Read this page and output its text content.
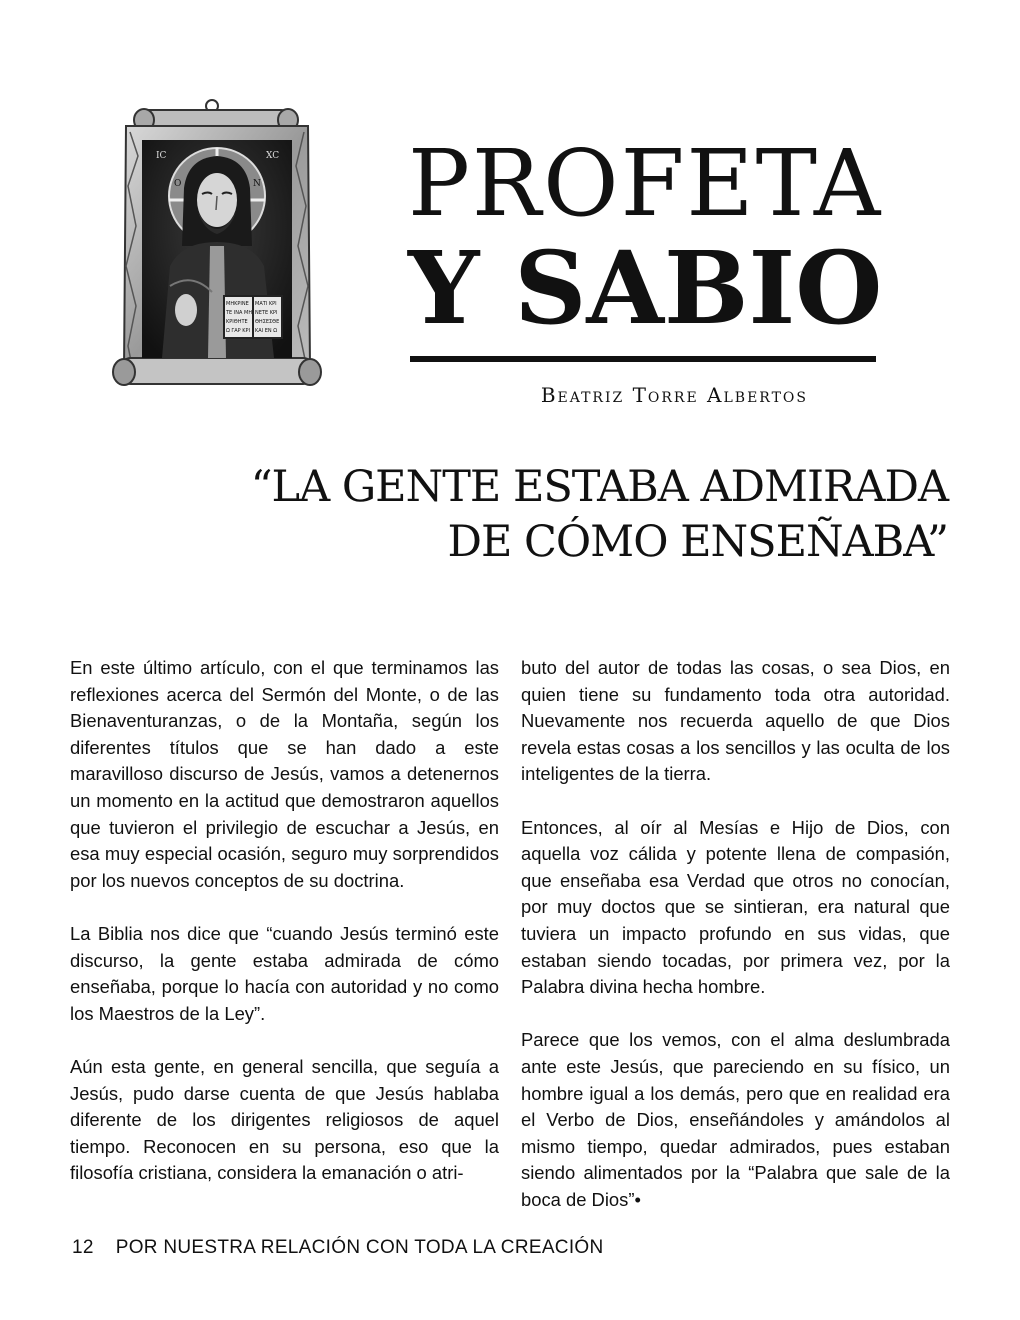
IC	XC
O	N
ΜΗΚΡΙΝΕ
ΤΕ ΙΝΑ ΜΗ
ΚΡΙΘΗΤΕ
Ω ΓΑΡ ΚΡΙ
ΜΑΤΙ ΚΡΙ
ΝΕΤΕ ΚΡΙ
ΘΗΣΕΣΘΕ
ΚΑΙ ΕΝ Ω
PROFETA
Y SABIO
Beatriz Torre Albertos
“LA GENTE ESTABA ADMIRADA
DE CÓMO ENSEÑABA”

En este último artículo, con el que terminamos las reflexiones acerca del Sermón del Monte, o de las Bienaventuranzas, o de la Montaña, según los diferentes títulos que se han dado a este maravilloso discurso de Jesús, vamos a detenernos un momento en la actitud que demostraron aquellos que tuvieron el privilegio de escuchar a Jesús, en esa muy especial ocasión, seguro muy sorprendidos por los nuevos conceptos de su doctrina.

La Biblia nos dice que “cuando Jesús terminó este discurso, la gente estaba admirada de cómo enseñaba, porque lo hacía con autoridad y no como los Maestros de la Ley”.

Aún esta gente, en general sencilla, que seguía a Jesús, pudo darse cuenta de que Jesús hablaba diferente de los dirigentes religiosos de aquel tiempo. Reconocen en su persona, eso que la filosofía cristiana, considera la emanación o atri-

buto del autor de todas las cosas, o sea Dios, en quien tiene su fundamento toda otra autoridad. Nuevamente nos recuerda aquello de que Dios revela estas cosas a los sencillos y las oculta de los inteligentes de la tierra.

Entonces, al oír al Mesías e Hijo de Dios, con aquella voz cálida y potente llena de compasión, que enseñaba esa Verdad que otros no conocían, por muy doctos que se sintieran, era natural que tuviera un impacto profundo en sus vidas, que estaban siendo tocadas, por primera vez, por la Palabra divina hecha hombre.

Parece que los vemos, con el alma deslumbrada ante este Jesús, que pareciendo en su físico, un hombre igual a los demás, pero que en realidad era el Verbo de Dios, enseñándoles y amándolos al mismo tiempo, quedar admirados, pues estaban siendo alimentados por la “Palabra que sale de la boca de Dios”•

12 POR NUESTRA RELACIÓN CON TODA LA CREACIÓN
